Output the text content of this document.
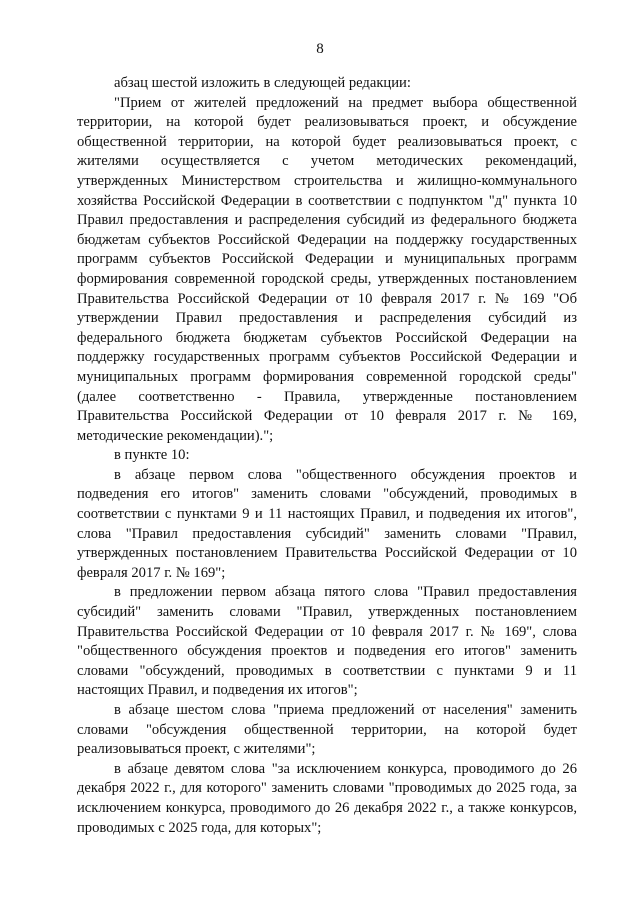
8

абзац шестой изложить в следующей редакции:

"Прием от жителей предложений на предмет выбора общественной территории, на которой будет реализовываться проект, и обсуждение общественной территории, на которой будет реализовываться проект, с жителями осуществляется с учетом методических рекомендаций, утвержденных Министерством строительства и жилищно-коммунального хозяйства Российской Федерации в соответствии с подпунктом "д" пункта 10 Правил предоставления и распределения субсидий из федерального бюджета бюджетам субъектов Российской Федерации на поддержку государственных программ субъектов Российской Федерации и муниципальных программ формирования современной городской среды, утвержденных постановлением Правительства Российской Федерации от 10 февраля 2017 г. № 169 "Об утверждении Правил предоставления и распределения субсидий из федерального бюджета бюджетам субъектов Российской Федерации на поддержку государственных программ субъектов Российской Федерации и муниципальных программ формирования современной городской среды" (далее соответственно - Правила, утвержденные постановлением Правительства Российской Федерации от 10 февраля 2017 г. № 169, методические рекомендации).";

в пункте 10:

в абзаце первом слова "общественного обсуждения проектов и подведения его итогов" заменить словами "обсуждений, проводимых в соответствии с пунктами 9 и 11 настоящих Правил, и подведения их итогов", слова "Правил предоставления субсидий" заменить словами "Правил, утвержденных постановлением Правительства Российской Федерации от 10 февраля 2017 г. № 169";

в предложении первом абзаца пятого слова "Правил предоставления субсидий" заменить словами "Правил, утвержденных постановлением Правительства Российской Федерации от 10 февраля 2017 г. № 169", слова "общественного обсуждения проектов и подведения его итогов" заменить словами "обсуждений, проводимых в соответствии с пунктами 9 и 11 настоящих Правил, и подведения их итогов";

в абзаце шестом слова "приема предложений от населения" заменить словами "обсуждения общественной территории, на которой будет реализовываться проект, с жителями";

в абзаце девятом слова "за исключением конкурса, проводимого до 26 декабря 2022 г., для которого" заменить словами "проводимых до 2025 года, за исключением конкурса, проводимого до 26 декабря 2022 г., а также конкурсов, проводимых с 2025 года, для которых";
